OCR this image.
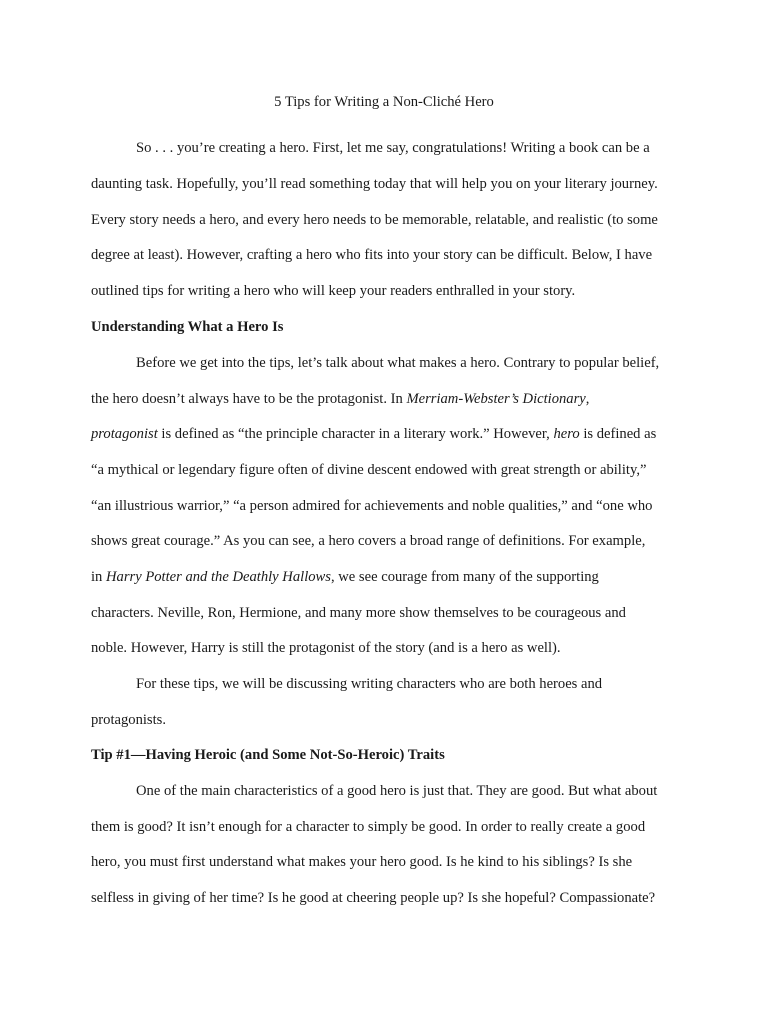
5 Tips for Writing a Non-Cliché Hero

So . . . you’re creating a hero. First, let me say, congratulations! Writing a book can be a

daunting task. Hopefully, you’ll read something today that will help you on your literary journey.

Every story needs a hero, and every hero needs to be memorable, relatable, and realistic (to some

degree at least). However, crafting a hero who fits into your story can be difficult. Below, I have

outlined tips for writing a hero who will keep your readers enthralled in your story.

Understanding What a Hero Is

Before we get into the tips, let’s talk about what makes a hero. Contrary to popular belief,

the hero doesn’t always have to be the protagonist. In Merriam-Webster’s Dictionary,

protagonist is defined as “the principle character in a literary work.” However, hero is defined as

“a mythical or legendary figure often of divine descent endowed with great strength or ability,”

“an illustrious warrior,” “a person admired for achievements and noble qualities,” and “one who

shows great courage.” As you can see, a hero covers a broad range of definitions. For example,

in Harry Potter and the Deathly Hallows, we see courage from many of the supporting

characters. Neville, Ron, Hermione, and many more show themselves to be courageous and

noble. However, Harry is still the protagonist of the story (and is a hero as well).

For these tips, we will be discussing writing characters who are both heroes and

protagonists.

Tip #1—Having Heroic (and Some Not-So-Heroic) Traits

One of the main characteristics of a good hero is just that. They are good. But what about

them is good? It isn’t enough for a character to simply be good. In order to really create a good

hero, you must first understand what makes your hero good. Is he kind to his siblings? Is she

selfless in giving of her time? Is he good at cheering people up? Is she hopeful? Compassionate?
